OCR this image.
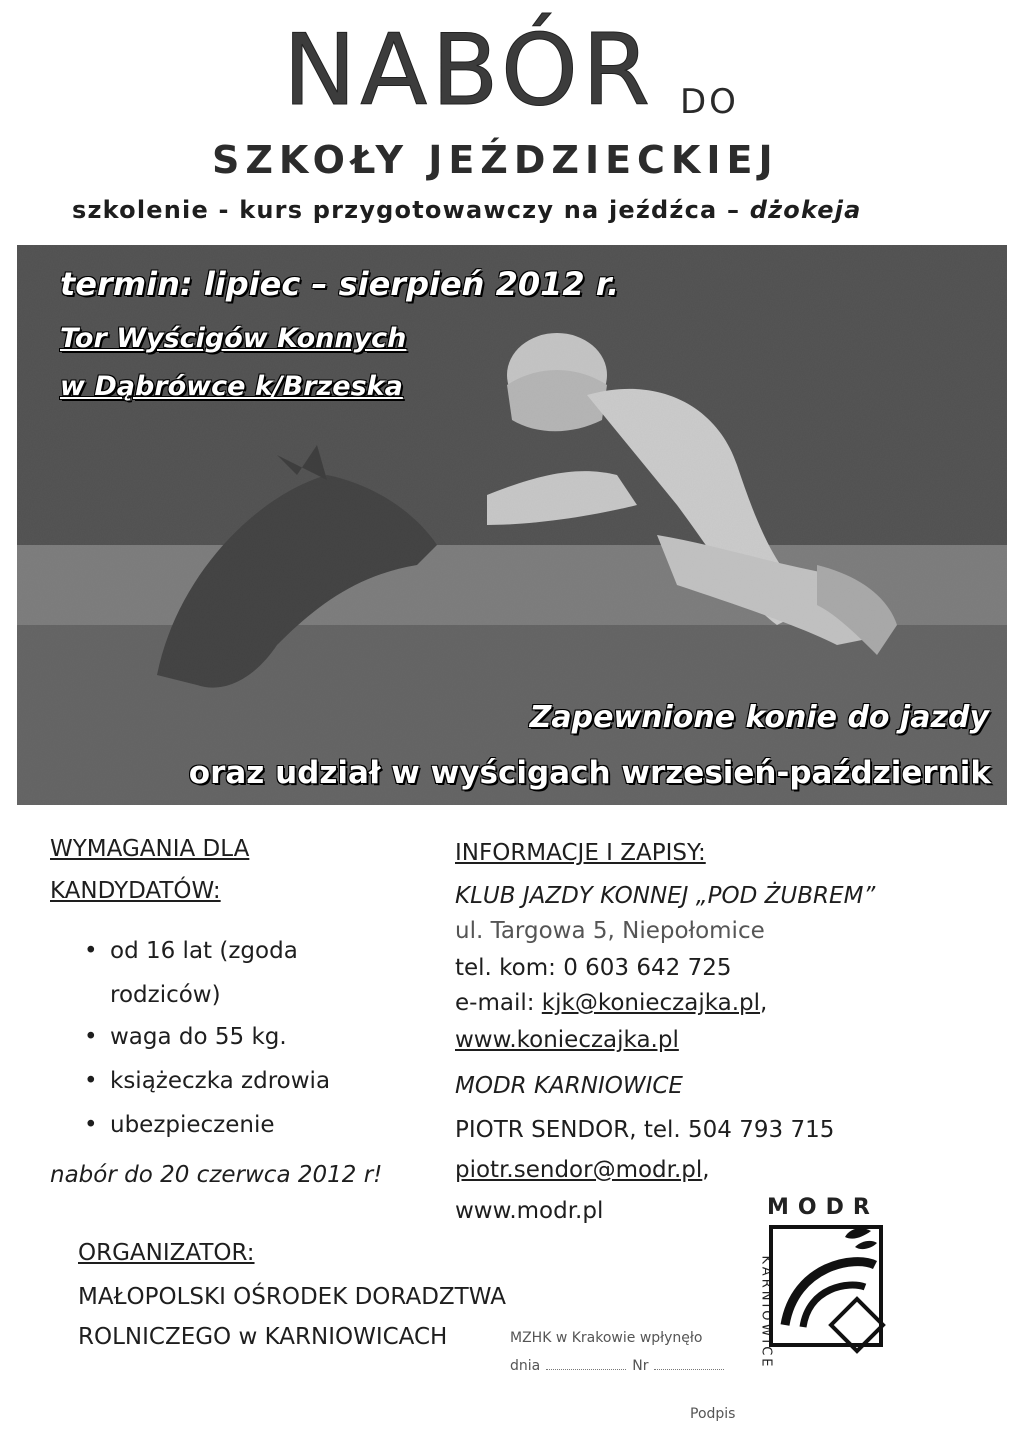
NABÓR DO
SZKOŁY JEŹDZIECKIEJ
szkolenie - kurs przygotowawczy na jeźdźca – dżokeja
termin: lipiec – sierpień 2012 r.
Tor Wyścigów Konnych
w Dąbrówce k/Brzeska
Zapewnione konie do jazdy
oraz udział w wyścigach wrzesień-październik
WYMAGANIA DLA
KANDYDATÓW:
• od 16 lat (zgoda
rodziców)
• waga do 55 kg.
• książeczka zdrowia
• ubezpieczenie
nabór do 20 czerwca 2012 r!
INFORMACJE I ZAPISY:
KLUB JAZDY KONNEJ „POD ŻUBREM”
ul. Targowa 5, Niepołomice
tel. kom: 0 603 642 725
e-mail: kjk@konieczajka.pl,
www.konieczajka.pl
MODR KARNIOWICE
PIOTR SENDOR, tel. 504 793 715
piotr.sendor@modr.pl,
www.modr.pl
ORGANIZATOR:
MAŁOPOLSKI OŚRODEK DORADZTWA
ROLNICZEGO w KARNIOWICACH
MODR
KARNIOWICE
MZHK w Krakowie wpłynęło
dnia	Nr
Podpis
